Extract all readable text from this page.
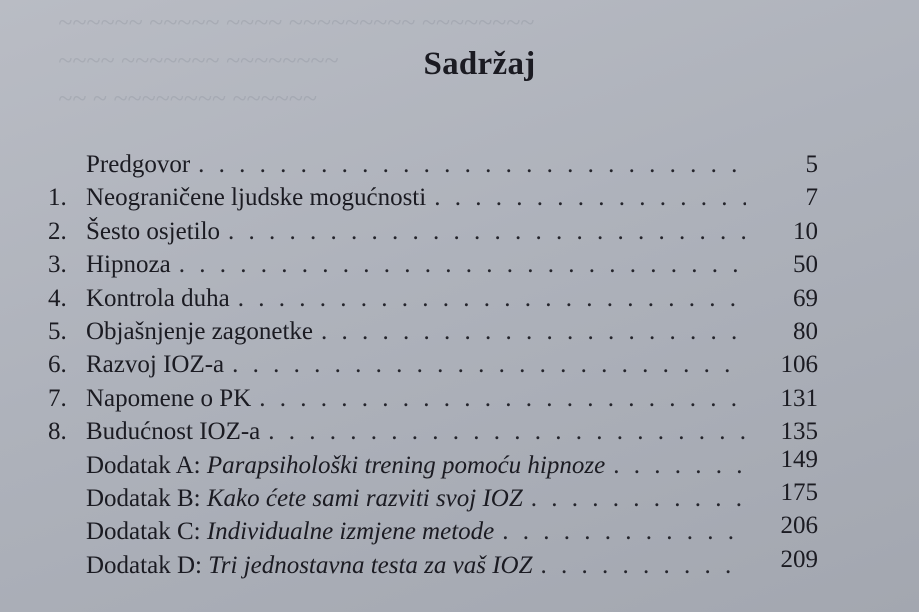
~~~~~~ ~~~~~ ~~~~ ~~~~~~~~~ ~~~~~~~~
~~~~ ~~~~~~~ ~~~~~~~~
~~ ~ ~~~~~~~~ ~~~~~~
Sadržaj
Predgovor . . .	5
1. Neograničene ljudske mogućnosti . . .	7
2. Šesto osjetilo . . .	10
3. Hipnoza . . .	50
4. Kontrola duha . . .	69
5. Objašnjenje zagonetke . . .	80
6. Razvoj IOZ-a . . .	106
7. Napomene o PK . . .	131
8. Budućnost IOZ-a . . .	135
Dodatak A: Parapsihološki trening pomoću hipnoze . . .	149
Dodatak B: Kako ćete sami razviti svoj IOZ . . .	175
Dodatak C: Individualne izmjene metode . . .	206
Dodatak D: Tri jednostavna testa za vaš IOZ . . .	209
